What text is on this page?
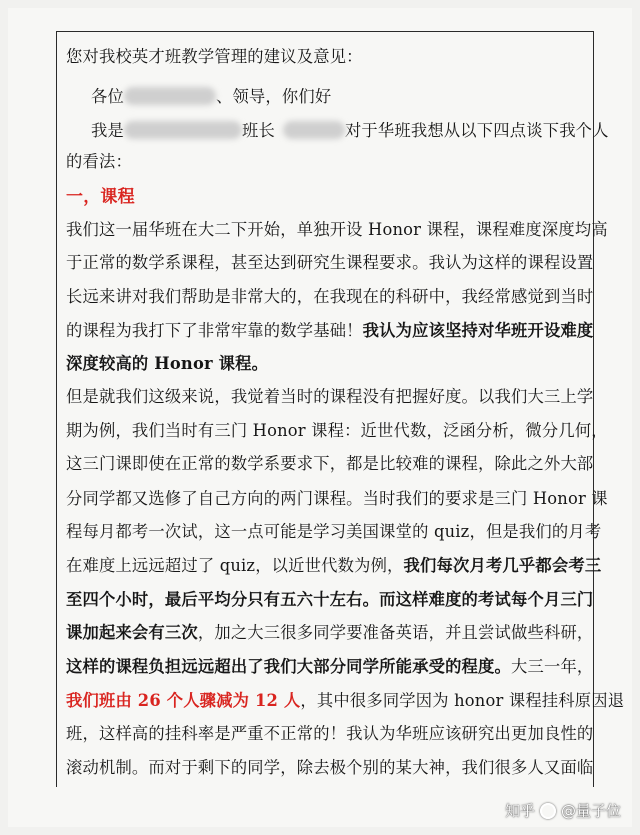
您对我校英才班教学管理的建议及意见：
各位	、领导，你们好
我是	班长	对于华班我想从以下四点谈下我个人
的看法：
一，课程
我们这一届华班在大二下开始，单独开设 Honor 课程，课程难度深度均高
于正常的数学系课程，甚至达到研究生课程要求。我认为这样的课程设置
长远来讲对我们帮助是非常大的，在我现在的科研中，我经常感觉到当时
的课程为我打下了非常牢靠的数学基础！我认为应该坚持对华班开设难度
深度较高的 Honor 课程。
但是就我们这级来说，我觉着当时的课程没有把握好度。以我们大三上学
期为例，我们当时有三门 Honor 课程：近世代数，泛函分析，微分几何，
这三门课即使在正常的数学系要求下，都是比较难的课程，除此之外大部
分同学都又选修了自己方向的两门课程。当时我们的要求是三门 Honor 课
程每月都考一次试，这一点可能是学习美国课堂的 quiz，但是我们的月考
在难度上远远超过了 quiz，以近世代数为例，我们每次月考几乎都会考三
至四个小时，最后平均分只有五六十左右。而这样难度的考试每个月三门
课加起来会有三次，加之大三很多同学要准备英语，并且尝试做些科研，
这样的课程负担远远超出了我们大部分同学所能承受的程度。大三一年，
我们班由 26 个人骤减为 12 人，其中很多同学因为 honor 课程挂科原因退
班，这样高的挂科率是严重不正常的！我认为华班应该研究出更加良性的
滚动机制。而对于剩下的同学，除去极个别的某大神，我们很多人又面临
知乎 @量子位
